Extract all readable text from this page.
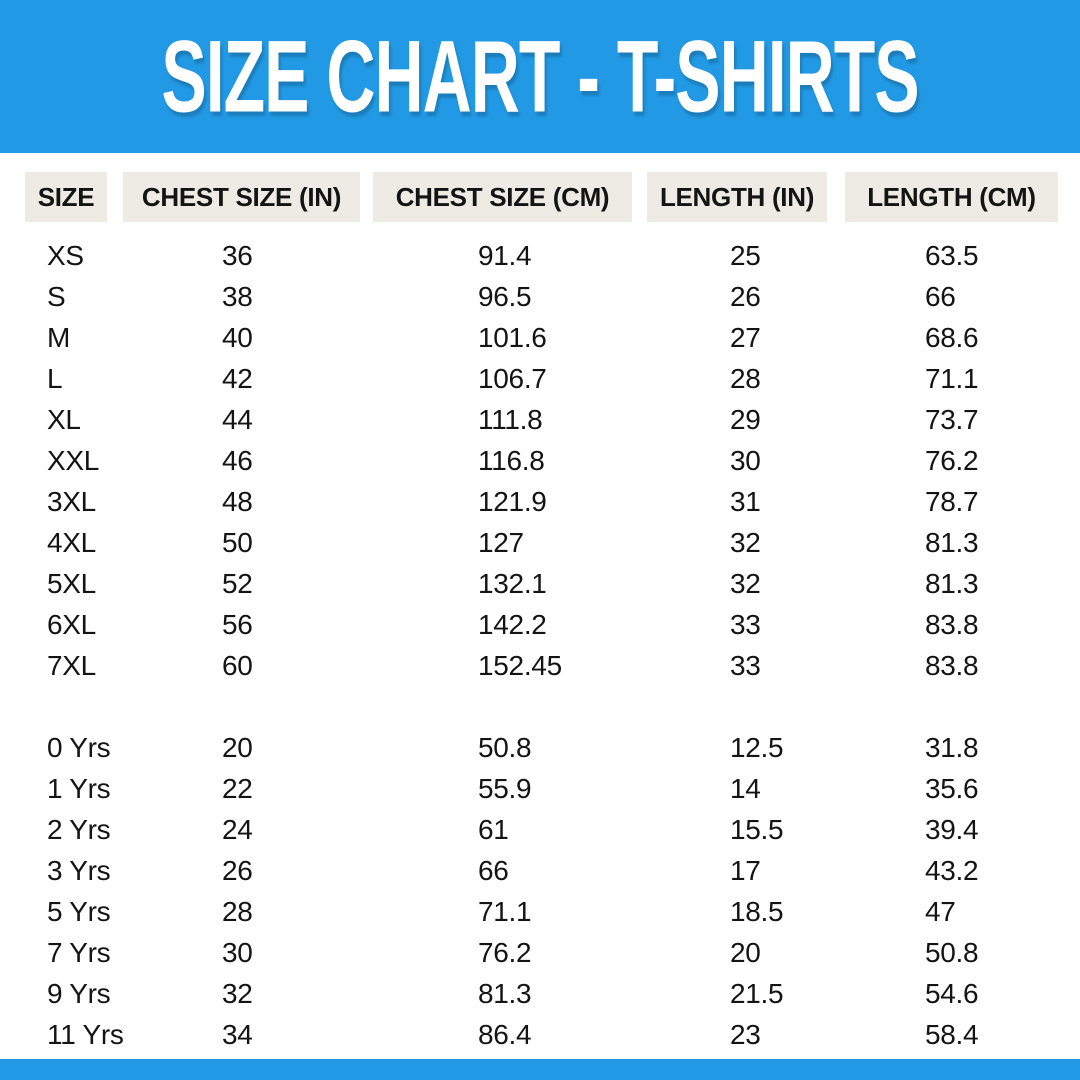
SIZE CHART - T-SHIRTS
SIZE	CHEST SIZE (IN)	CHEST SIZE (CM)	LENGTH (IN)	LENGTH (CM)
XS	36	91.4	25	63.5
S	38	96.5	26	66
M	40	101.6	27	68.6
L	42	106.7	28	71.1
XL	44	111.8	29	73.7
XXL	46	116.8	30	76.2
3XL	48	121.9	31	78.7
4XL	50	127	32	81.3
5XL	52	132.1	32	81.3
6XL	56	142.2	33	83.8
7XL	60	152.45	33	83.8
0 Yrs	20	50.8	12.5	31.8
1 Yrs	22	55.9	14	35.6
2 Yrs	24	61	15.5	39.4
3 Yrs	26	66	17	43.2
5 Yrs	28	71.1	18.5	47
7 Yrs	30	76.2	20	50.8
9 Yrs	32	81.3	21.5	54.6
11 Yrs	34	86.4	23	58.4
